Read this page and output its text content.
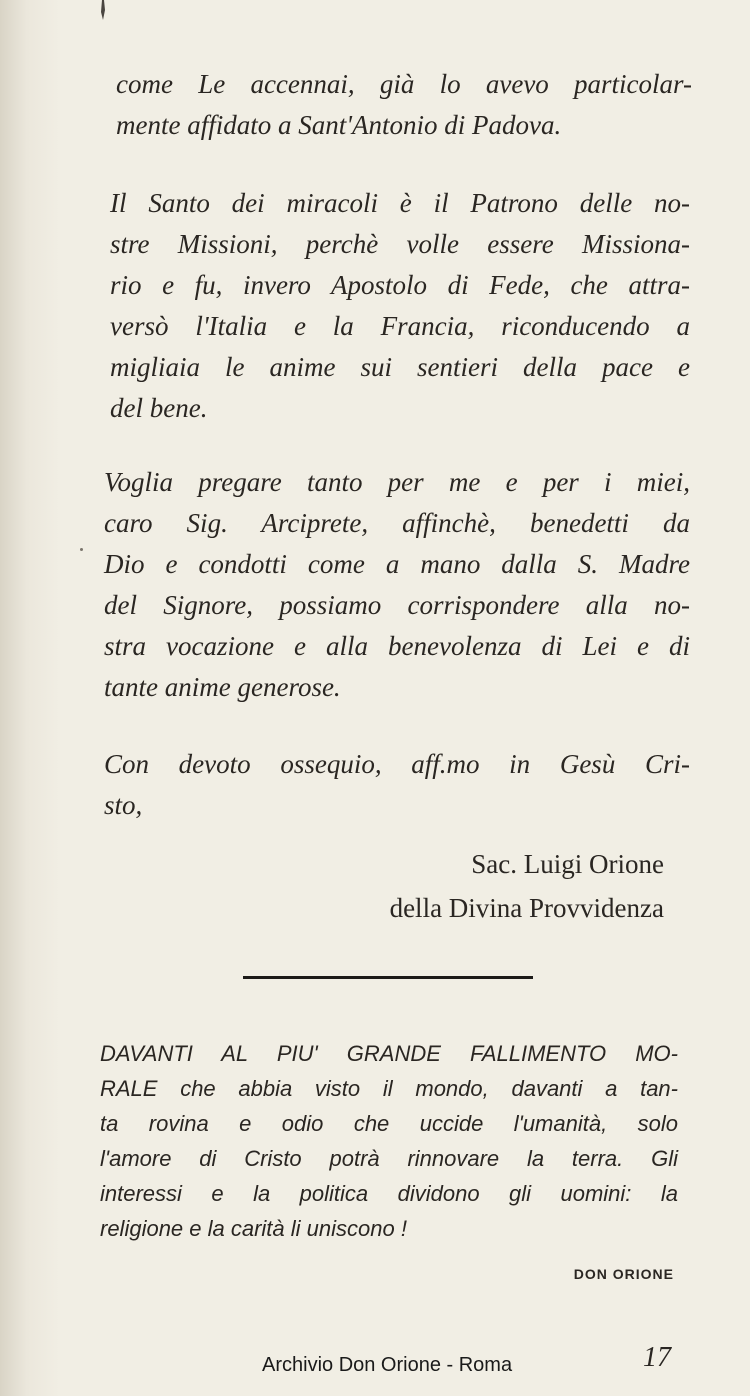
come Le accennai, già lo avevo particolar-
mente affidato a Sant'Antonio di Padova.

Il Santo dei miracoli è il Patrono delle no-
stre Missioni, perchè volle essere Missiona-
rio e fu, invero Apostolo di Fede, che attra-
versò l'Italia e la Francia, riconducendo a
migliaia le anime sui sentieri della pace e
del bene.

Voglia pregare tanto per me e per i miei,
caro Sig. Arciprete, affinchè, benedetti da
Dio e condotti come a mano dalla S. Madre
del Signore, possiamo corrispondere alla no-
stra vocazione e alla benevolenza di Lei e di
tante anime generose.

Con devoto ossequio, aff.mo in Gesù Cri-
sto,

Sac. Luigi Orione
della Divina Provvidenza

DAVANTI AL PIU' GRANDE FALLIMENTO MO-
RALE che abbia visto il mondo, davanti a tan-
ta rovina e odio che uccide l'umanità, solo
l'amore di Cristo potrà rinnovare la terra. Gli
interessi e la politica dividono gli uomini: la
religione e la carità li uniscono !

DON ORIONE
Archivio Don Orione - Roma	17
